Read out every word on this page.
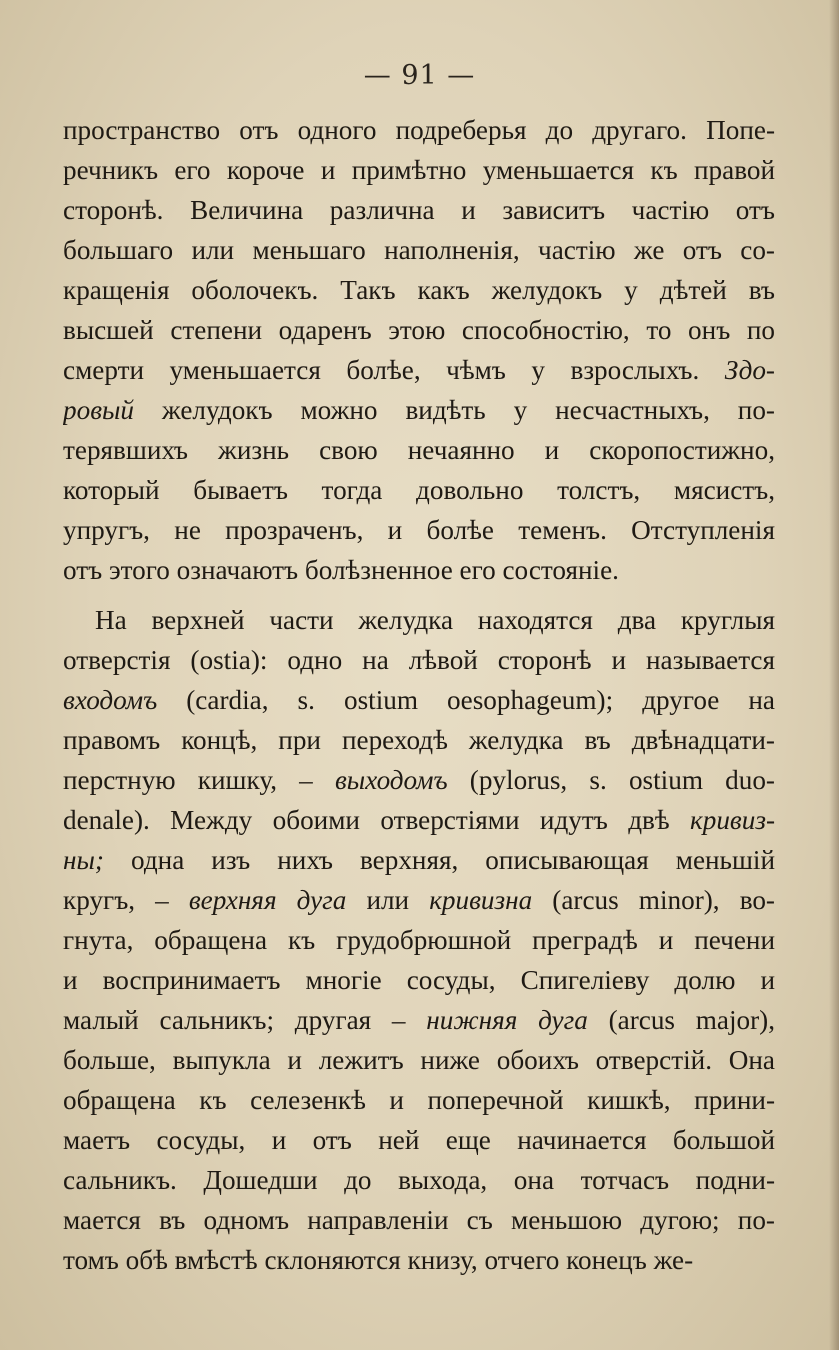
— 91 —
пространство отъ одного подреберья до другаго. Попе-
речникъ его короче и примѣтно уменьшается къ правой
сторонѣ. Величина различна и зависитъ частію отъ
большаго или меньшаго наполненія, частію же отъ со-
кращенія оболочекъ. Такъ какъ желудокъ у дѣтей въ
высшей степени одаренъ этою способностію, то онъ по
смерти уменьшается болѣе, чѣмъ у взрослыхъ. Здо-
ровый желудокъ можно видѣть у несчастныхъ, по-
терявшихъ жизнь свою нечаянно и скоропостижно,
который бываетъ тогда довольно толстъ, мясистъ,
упругъ, не прозраченъ, и болѣе теменъ. Отступленія
отъ этого означаютъ болѣзненное его состояніе.
На верхней части желудка находятся два круглыя
отверстія (ostia): одно на лѣвой сторонѣ и называется
входомъ (cardia, s. ostium oesophageum); другое на
правомъ концѣ, при переходѣ желудка въ двѣнадцати-
перстную кишку, – выходомъ (pylorus, s. ostium duo-
denale). Между обоими отверстіями идутъ двѣ кривиз-
ны; одна изъ нихъ верхняя, описывающая меньшій
кругъ, – верхняя дуга или кривизна (arcus minor), во-
гнута, обращена къ грудобрюшной преградѣ и печени
и воспринимаетъ многіе сосуды, Спигеліеву долю и
малый сальникъ; другая – нижняя дуга (arcus major),
больше, выпукла и лежитъ ниже обоихъ отверстій. Она
обращена къ селезенкѣ и поперечной кишкѣ, прини-
маетъ сосуды, и отъ ней еще начинается большой
сальникъ. Дошедши до выхода, она тотчасъ подни-
мается въ одномъ направленіи съ меньшою дугою; по-
томъ обѣ вмѣстѣ склоняются книзу, отчего конецъ же-
